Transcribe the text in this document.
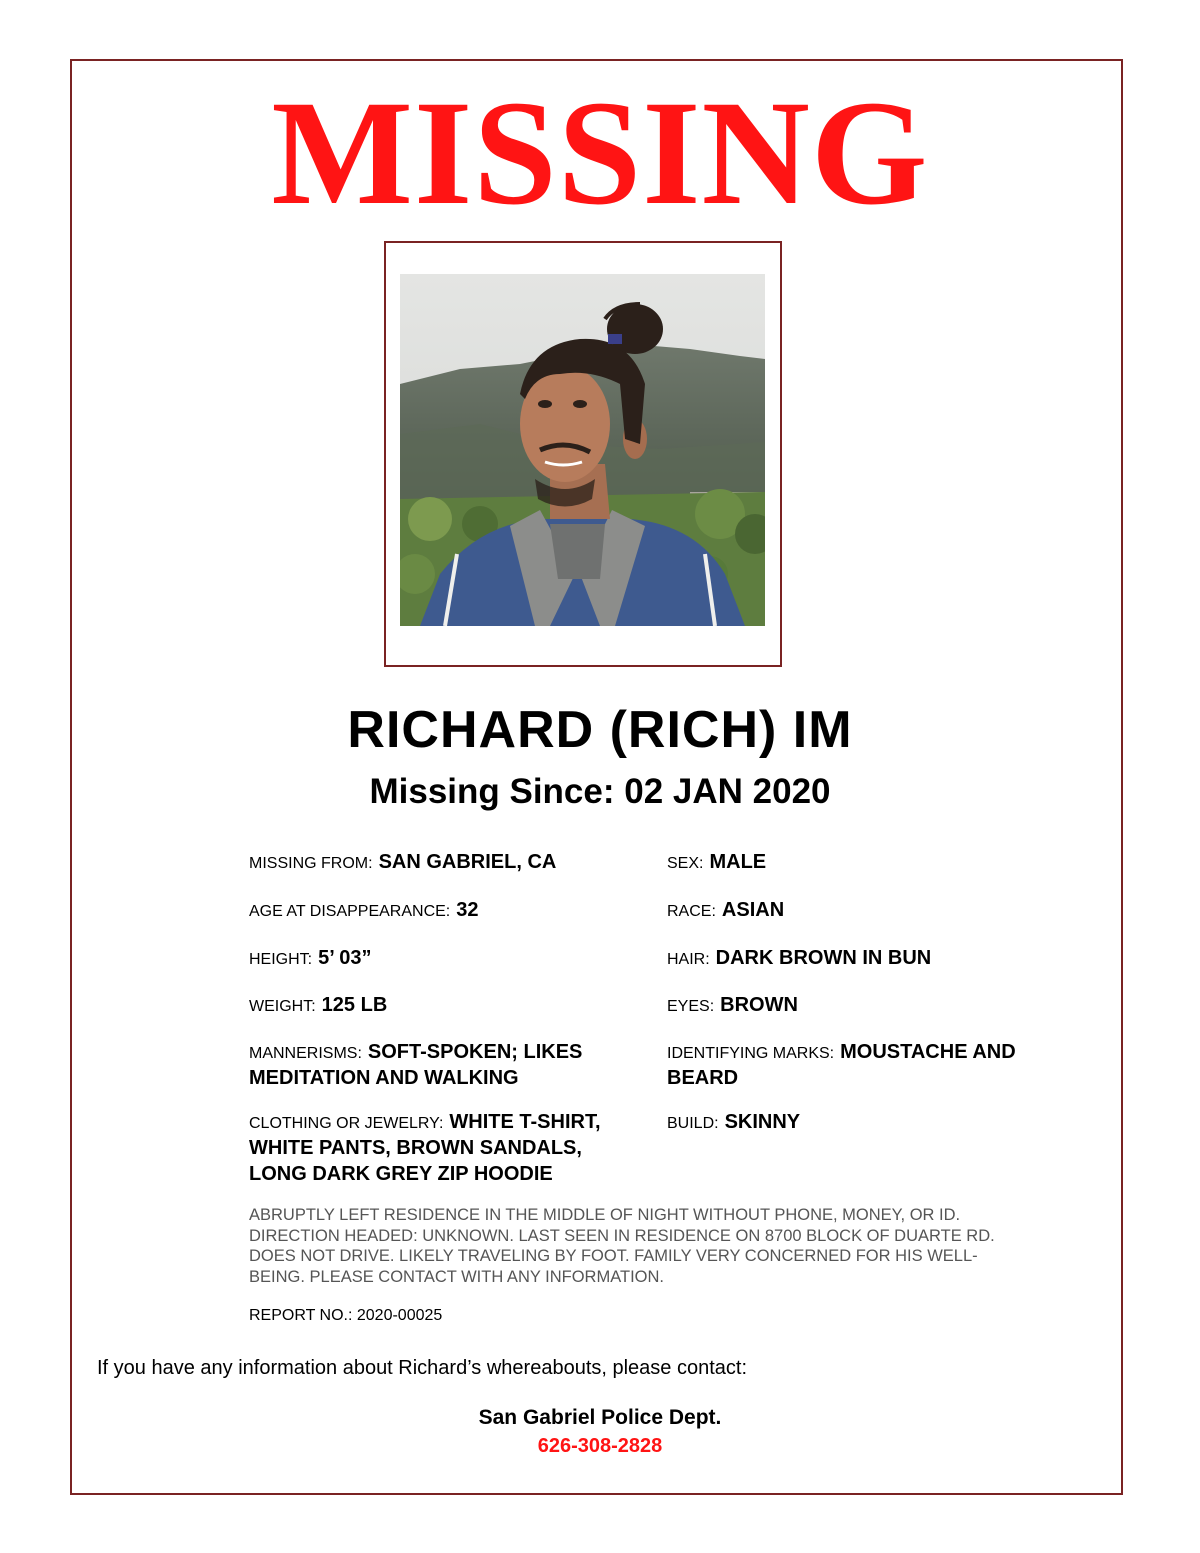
MISSING
RICHARD (RICH) IM
Missing Since: 02 JAN 2020
MISSING FROM: SAN GABRIEL, CA
AGE AT DISAPPEARANCE: 32
HEIGHT: 5’ 03”
WEIGHT: 125 LB
MANNERISMS: SOFT-SPOKEN; LIKES MEDITATION AND WALKING
CLOTHING OR JEWELRY: WHITE T-SHIRT, WHITE PANTS, BROWN SANDALS, LONG DARK GREY ZIP HOODIE
SEX: MALE
RACE: ASIAN
HAIR: DARK BROWN IN BUN
EYES: BROWN
IDENTIFYING MARKS: MOUSTACHE AND BEARD
BUILD: SKINNY
ABRUPTLY LEFT RESIDENCE IN THE MIDDLE OF NIGHT WITHOUT PHONE, MONEY, OR ID. DIRECTION HEADED: UNKNOWN. LAST SEEN IN RESIDENCE ON 8700 BLOCK OF DUARTE RD. DOES NOT DRIVE. LIKELY TRAVELING BY FOOT. FAMILY VERY CONCERNED FOR HIS WELL-BEING. PLEASE CONTACT WITH ANY INFORMATION.
REPORT NO.: 2020-00025
If you have any information about Richard’s whereabouts, please contact:
San Gabriel Police Dept.
626-308-2828
